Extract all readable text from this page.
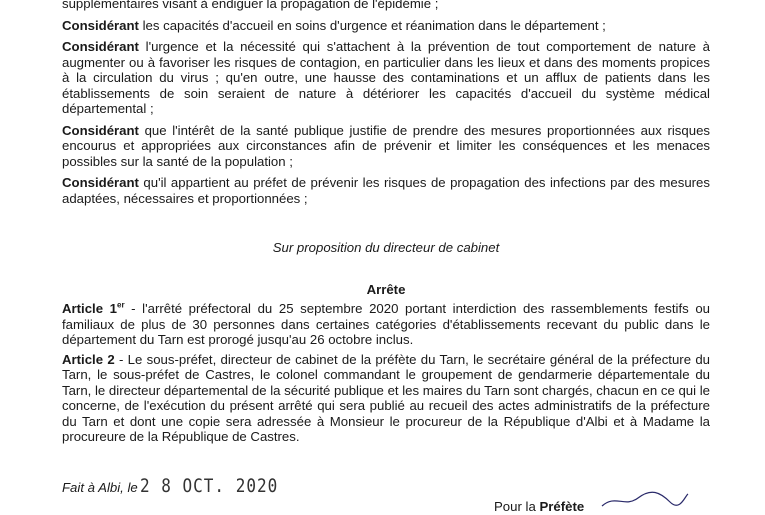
supplémentaires visant à endiguer la propagation de l'épidémie ;

Considérant les capacités d'accueil en soins d'urgence et réanimation dans le département ;

Considérant l'urgence et la nécessité qui s'attachent à la prévention de tout comportement de nature à augmenter ou à favoriser les risques de contagion, en particulier dans les lieux et dans des moments propices à la circulation du virus ; qu'en outre, une hausse des contaminations et un afflux de patients dans les établissements de soin seraient de nature à détériorer les capacités d'accueil du système médical départemental ;

Considérant que l'intérêt de la santé publique justifie de prendre des mesures proportionnées aux risques encourus et appropriées aux circonstances afin de prévenir et limiter les conséquences et les menaces possibles sur la santé de la population ;

Considérant qu'il appartient au préfet de prévenir les risques de propagation des infections par des mesures adaptées, nécessaires et proportionnées ;

Sur proposition du directeur de cabinet
Arrête

Article 1er - l'arrêté préfectoral du 25 septembre 2020 portant interdiction des rassemblements festifs ou familiaux de plus de 30 personnes dans certaines catégories d'établissements recevant du public dans le département du Tarn est prorogé jusqu'au 26 octobre inclus.

Article 2 - Le sous-préfet, directeur de cabinet de la préfète du Tarn, le secrétaire général de la préfecture du Tarn, le sous-préfet de Castres, le colonel commandant le groupement de gendarmerie départementale du Tarn, le directeur départemental de la sécurité publique et les maires du Tarn sont chargés, chacun en ce qui le concerne, de l'exécution du présent arrêté qui sera publié au recueil des actes administratifs de la préfecture du Tarn et dont une copie sera adressée à Monsieur le procureur de la République d'Albi et à Madame la procureure de la République de Castres.

Fait à Albi, le 2 8 OCT. 2020
Pour la Préfète
